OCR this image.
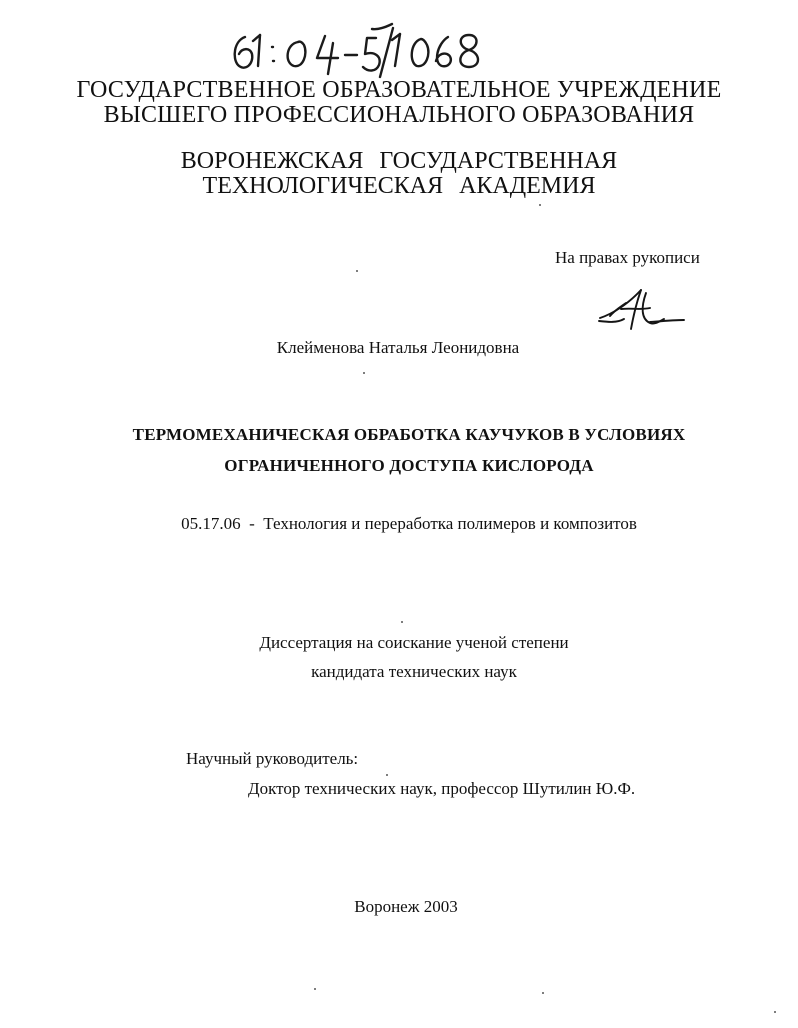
ГОСУДАРСТВЕННОЕ ОБРАЗОВАТЕЛЬНОЕ УЧРЕЖДЕНИЕ
ВЫСШЕГО ПРОФЕССИОНАЛЬНОГО ОБРАЗОВАНИЯ
ВОРОНЕЖСКАЯ ГОСУДАРСТВЕННАЯ
ТЕХНОЛОГИЧЕСКАЯ АКАДЕМИЯ
На правах рукописи
Клейменова Наталья Леонидовна
ТЕРМОМЕХАНИЧЕСКАЯ ОБРАБОТКА КАУЧУКОВ В УСЛОВИЯХ
ОГРАНИЧЕННОГО ДОСТУПА КИСЛОРОДА
05.17.06  -  Технология и переработка полимеров и композитов
Диссертация на соискание ученой степени
кандидата технических наук
Научный руководитель:
Доктор технических наук, профессор Шутилин Ю.Ф.
Воронеж 2003
